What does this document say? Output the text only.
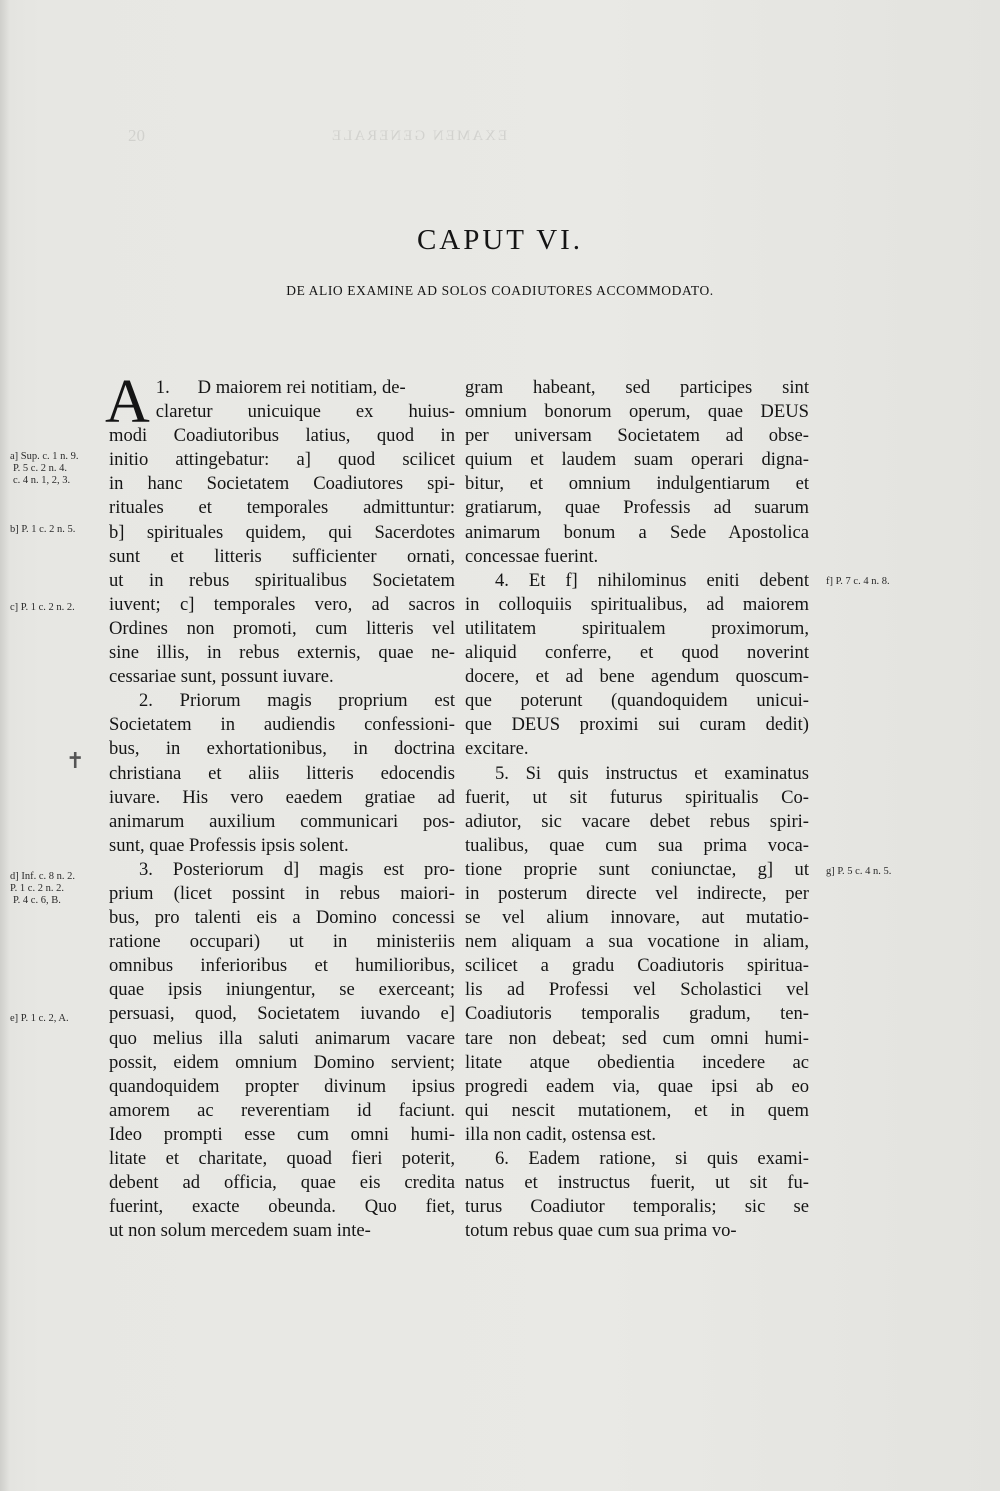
20	EXAMEN GENERALE
CAPUT VI.
DE ALIO EXAMINE AD SOLOS COADIUTORES ACCOMMODATO.
a] Sup. c. 1 n. 9.
P. 5 c. 2 n. 4.
c. 4 n. 1, 2, 3.
b] P. 1 c. 2 n. 5.
c] P. 1 c. 2 n. 2.
✝
d] Inf. c. 8 n. 2.
P. 1 c. 2 n. 2.
P. 4 c. 6, B.
e] P. 1 c. 2, A.
f] P. 7 c. 4 n. 8.
g] P. 5 c. 4 n. 5.
A 1.      D maiorem rei notitiam, de-
claretur unicuique ex huius-
modi Coadiutoribus latius, quod in
initio attingebatur: a] quod scilicet
in hanc Societatem Coadiutores spi-
rituales et temporales admittuntur:
b] spirituales quidem, qui Sacerdotes
sunt et litteris sufficienter ornati,
ut in rebus spiritualibus Societatem
iuvent; c] temporales vero, ad sacros
Ordines non promoti, cum litteris vel
sine illis, in rebus externis, quae ne-
cessariae sunt, possunt iuvare.
2. Priorum magis proprium est
Societatem in audiendis confessioni-
bus, in exhortationibus, in doctrina
christiana et aliis litteris edocendis
iuvare. His vero eaedem gratiae ad
animarum auxilium communicari pos-
sunt, quae Professis ipsis solent.
3. Posteriorum d] magis est pro-
prium (licet possint in rebus maiori-
bus, pro talenti eis a Domino concessi
ratione occupari) ut in ministeriis
omnibus inferioribus et humilioribus,
quae ipsis iniungentur, se exerceant;
persuasi, quod, Societatem iuvando e]
quo melius illa saluti animarum vacare
possit, eidem omnium Domino servient;
quandoquidem propter divinum ipsius
amorem ac reverentiam id faciunt.
Ideo prompti esse cum omni humi-
litate et charitate, quoad fieri poterit,
debent ad officia, quae eis credita
fuerint, exacte obeunda. Quo fiet,
ut non solum mercedem suam inte-
gram habeant, sed participes sint
omnium bonorum operum, quae DEUS
per universam Societatem ad obse-
quium et laudem suam operari digna-
bitur, et omnium indulgentiarum et
gratiarum, quae Professis ad suarum
animarum bonum a Sede Apostolica
concessae fuerint.
4. Et f] nihilominus eniti debent
in colloquiis spiritualibus, ad maiorem
utilitatem spiritualem proximorum,
aliquid conferre, et quod noverint
docere, et ad bene agendum quoscum-
que poterunt (quandoquidem unicui-
que DEUS proximi sui curam dedit)
excitare.
5. Si quis instructus et examinatus
fuerit, ut sit futurus spiritualis Co-
adiutor, sic vacare debet rebus spiri-
tualibus, quae cum sua prima voca-
tione proprie sunt coniunctae, g] ut
in posterum directe vel indirecte, per
se vel alium innovare, aut mutatio-
nem aliquam a sua vocatione in aliam,
scilicet a gradu Coadiutoris spiritua-
lis ad Professi vel Scholastici vel
Coadiutoris temporalis gradum, ten-
tare non debeat; sed cum omni humi-
litate atque obedientia incedere ac
progredi eadem via, quae ipsi ab eo
qui nescit mutationem, et in quem
illa non cadit, ostensa est.
6. Eadem ratione, si quis exami-
natus et instructus fuerit, ut sit fu-
turus Coadiutor temporalis; sic se
totum rebus quae cum sua prima vo-
